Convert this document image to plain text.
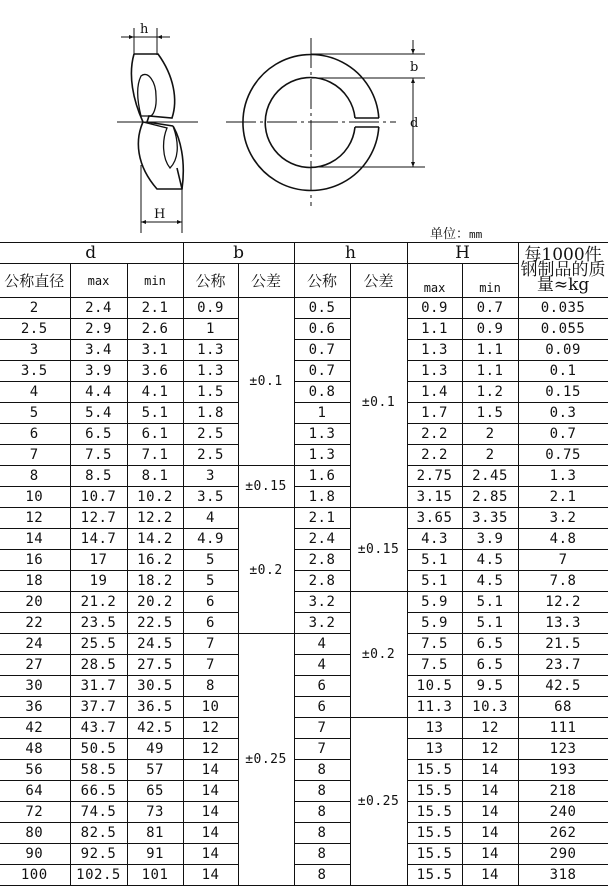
h
H
b
d
单位：mm
d			b		h		H		每1000件钢制品的质量≈kg
公称直径	max	min	公称	公差	公称	公差	max	min	
2	2.4	2.1	0.9	±0.1	0.5	±0.1	0.9	0.7	0.035
2.5	2.9	2.6	1		0.6		1.1	0.9	0.055
3	3.4	3.1	1.3		0.7		1.3	1.1	0.09
3.5	3.9	3.6	1.3		0.7		1.3	1.1	0.1
4	4.4	4.1	1.5		0.8		1.4	1.2	0.15
5	5.4	5.1	1.8		1		1.7	1.5	0.3
6	6.5	6.1	2.5		1.3		2.2	2	0.7
7	7.5	7.1	2.5		1.3		2.2	2	0.75
8	8.5	8.1	3	±0.15	1.6		2.75	2.45	1.3
10	10.7	10.2	3.5		1.8		3.15	2.85	2.1
12	12.7	12.2	4	±0.2	2.1	±0.15	3.65	3.35	3.2
14	14.7	14.2	4.9		2.4		4.3	3.9	4.8
16	17	16.2	5		2.8		5.1	4.5	7
18	19	18.2	5		2.8		5.1	4.5	7.8
20	21.2	20.2	6		3.2	±0.2	5.9	5.1	12.2
22	23.5	22.5	6		3.2		5.9	5.1	13.3
24	25.5	24.5	7	±0.25	4		7.5	6.5	21.5
27	28.5	27.5	7		4		7.5	6.5	23.7
30	31.7	30.5	8		6		10.5	9.5	42.5
36	37.7	36.5	10		6		11.3	10.3	68
42	43.7	42.5	12		7	±0.25	13	12	111
48	50.5	49	12		7		13	12	123
56	58.5	57	14		8		15.5	14	193
64	66.5	65	14		8		15.5	14	218
72	74.5	73	14		8		15.5	14	240
80	82.5	81	14		8		15.5	14	262
90	92.5	91	14		8		15.5	14	290
100	102.5	101	14		8		15.5	14	318
